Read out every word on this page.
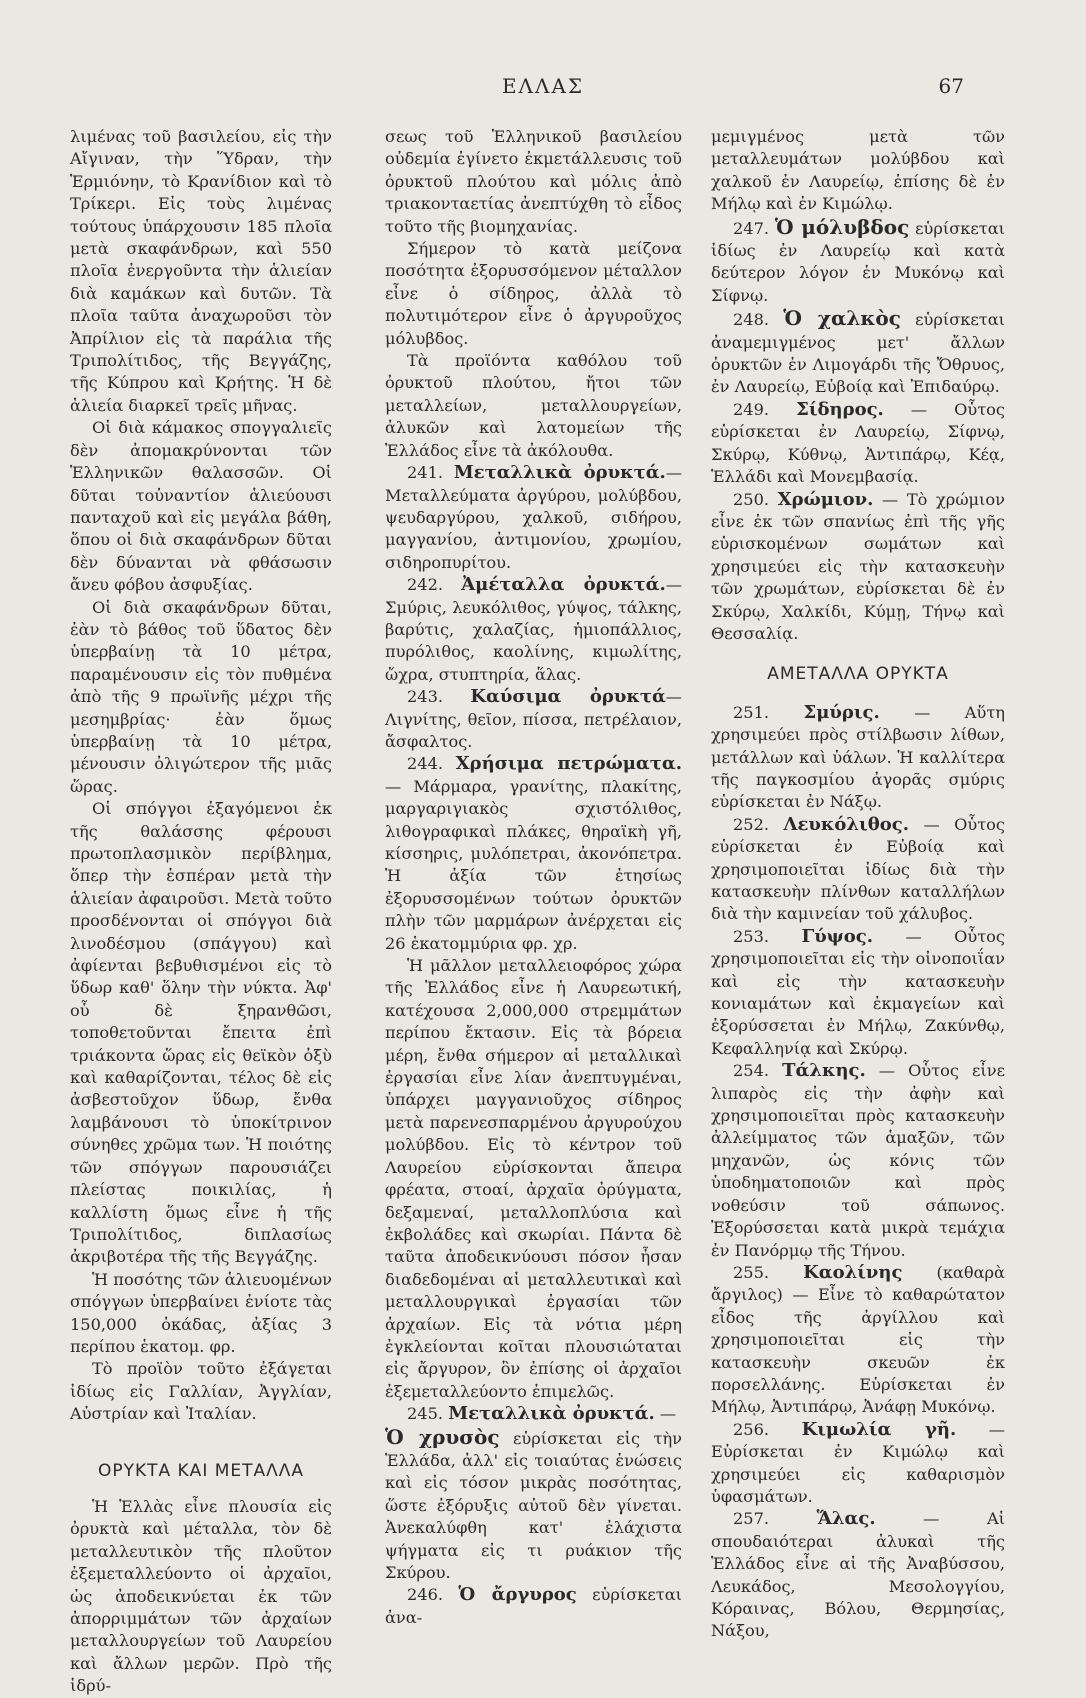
ΕΛΛΑΣ	67

λιμένας τοῦ βασιλείου, εἰς τὴν Αἴγιναν, τὴν Ὕδραν, τὴν Ἑρμιόνην, τὸ Κρανίδιον καὶ τὸ Τρίκερι. Εἰς τοὺς λιμένας τούτους ὑπάρχουσιν 185 πλοῖα μετὰ σκαφάνδρων, καὶ 550 πλοῖα ἐνεργοῦντα τὴν ἁλιείαν διὰ καμάκων καὶ δυτῶν. Τὰ πλοῖα ταῦτα ἀναχωροῦσι τὸν Ἀπρίλιον εἰς τὰ παράλια τῆς Τριπολίτιδος, τῆς Βεγγάζης, τῆς Κύπρου καὶ Κρήτης. Ἡ δὲ ἁλιεία διαρκεῖ τρεῖς μῆνας.

Οἱ διὰ κάμακος σπογγαλιεῖς δὲν ἀπομακρύνονται τῶν Ἑλληνικῶν θαλασσῶν. Οἱ δῦται τοὐναντίον ἁλιεύουσι πανταχοῦ καὶ εἰς μεγάλα βάθη, ὅπου οἱ διὰ σκαφάνδρων δῦται δὲν δύνανται νὰ φθάσωσιν ἄνευ φόβου ἀσφυξίας.

Οἱ διὰ σκαφάνδρων δῦται, ἐὰν τὸ βάθος τοῦ ὕδατος δὲν ὑπερβαίνῃ τὰ 10 μέτρα, παραμένουσιν εἰς τὸν πυθμένα ἀπὸ τῆς 9 πρωϊνῆς μέχρι τῆς μεσημβρίας· ἐὰν ὅμως ὑπερβαίνῃ τὰ 10 μέτρα, μένουσιν ὀλιγώτερον τῆς μιᾶς ὥρας.

Οἱ σπόγγοι ἐξαγόμενοι ἐκ τῆς θαλάσσης φέρουσι πρωτοπλασμικὸν περίβλημα, ὅπερ τὴν ἑσπέραν μετὰ τὴν ἁλιείαν ἀφαιροῦσι. Μετὰ τοῦτο προσδένονται οἱ σπόγγοι διὰ λινοδέσμου (σπάγγου) καὶ ἀφίενται βεβυθισμένοι εἰς τὸ ὕδωρ καθ' ὅλην τὴν νύκτα. Ἀφ' οὗ δὲ ξηρανθῶσι, τοποθετοῦνται ἔπειτα ἐπὶ τριάκοντα ὥρας εἰς θεϊκὸν ὀξὺ καὶ καθαρίζονται, τέλος δὲ εἰς ἀσβεστοῦχον ὕδωρ, ἔνθα λαμβάνουσι τὸ ὑποκίτρινον σύνηθες χρῶμα των. Ἡ ποιότης τῶν σπόγγων παρουσιάζει πλείστας ποικιλίας, ἡ καλλίστη ὅμως εἶνε ἡ τῆς Τριπολίτιδος, διπλασίως ἀκριβοτέρα τῆς τῆς Βεγγάζης.

Ἡ ποσότης τῶν ἁλιευομένων σπόγγων ὑπερβαίνει ἐνίοτε τὰς 150,000 ὀκάδας, ἀξίας 3 περίπου ἑκατομ. φρ.

Τὸ προϊὸν τοῦτο ἐξάγεται ἰδίως εἰς Γαλλίαν, Ἀγγλίαν, Αὐστρίαν καὶ Ἰταλίαν.

ΟΡΥΚΤΑ ΚΑΙ ΜΕΤΑΛΛΑ

Ἡ Ἑλλὰς εἶνε πλουσία εἰς ὀρυκτὰ καὶ μέταλλα, τὸν δὲ μεταλλευτικὸν τῆς πλοῦτον ἐξεμεταλλεύοντο οἱ ἀρχαῖοι, ὡς ἀποδεικνύεται ἐκ τῶν ἀπορριμμάτων τῶν ἀρχαίων μεταλλουργείων τοῦ Λαυρείου καὶ ἄλλων μερῶν. Πρὸ τῆς ἱδρύ-

σεως τοῦ Ἑλληνικοῦ βασιλείου οὐδεμία ἐγίνετο ἐκμετάλλευσις τοῦ ὀρυκτοῦ πλούτου καὶ μόλις ἀπὸ τριακονταετίας ἀνεπτύχθη τὸ εἶδος τοῦτο τῆς βιομηχανίας.

Σήμερον τὸ κατὰ μείζονα ποσότητα ἐξορυσσόμενον μέταλλον εἶνε ὁ σίδηρος, ἀλλὰ τὸ πολυτιμότερον εἶνε ὁ ἀργυροῦχος μόλυβδος.

Τὰ προϊόντα καθόλου τοῦ ὀρυκτοῦ πλούτου, ἤτοι τῶν μεταλλείων, μεταλλουργείων, ἀλυκῶν καὶ λατομείων τῆς Ἑλλάδος εἶνε τὰ ἀκόλουθα.

241. Μεταλλικὰ ὀρυκτά.— Μεταλλεύματα ἀργύρου, μολύβδου, ψευδαργύρου, χαλκοῦ, σιδήρου, μαγγανίου, ἀντιμονίου, χρωμίου, σιδηροπυρίτου.

242. Ἀμέταλλα ὀρυκτά.— Σμύρις, λευκόλιθος, γύψος, τάλκης, βαρύτις, χαλαζίας, ἡμιοπάλλιος, πυρόλιθος, καολίνης, κιμωλίτης, ὤχρα, στυπτηρία, ἅλας.

243. Καύσιμα ὀρυκτά— Λιγνίτης, θεῖον, πίσσα, πετρέλαιον, ἄσφαλτος.

244. Χρήσιμα πετρώματα.— Μάρμαρα, γρανίτης, πλακίτης, μαργαριγιακὸς σχιστόλιθος, λιθογραφικαὶ πλάκες, θηραϊκὴ γῆ, κίσσηρις, μυλόπετραι, ἀκονόπετρα. Ἡ ἀξία τῶν ἐτησίως ἐξορυσσομένων τούτων ὀρυκτῶν πλὴν τῶν μαρμάρων ἀνέρχεται εἰς 26 ἑκατομμύρια φρ. χρ.

Ἡ μᾶλλον μεταλλειοφόρος χώρα τῆς Ἑλλάδος εἶνε ἡ Λαυρεωτική, κατέχουσα 2,000,000 στρεμμάτων περίπου ἔκτασιν. Εἰς τὰ βόρεια μέρη, ἔνθα σήμερον αἱ μεταλλικαὶ ἐργασίαι εἶνε λίαν ἀνεπτυγμέναι, ὑπάρχει μαγγανιοῦχος σίδηρος μετὰ παρενεσπαρμένου ἀργυρούχου μολύβδου. Εἰς τὸ κέντρον τοῦ Λαυρείου εὑρίσκονται ἄπειρα φρέατα, στοαί, ἀρχαῖα ὀρύγματα, δεξαμεναί, μεταλλοπλύσια καὶ ἐκβολάδες καὶ σκωρίαι. Πάντα δὲ ταῦτα ἀποδεικνύουσι πόσον ἦσαν διαδεδομέναι αἱ μεταλλευτικαὶ καὶ μεταλλουργικαὶ ἐργασίαι τῶν ἀρχαίων. Εἰς τὰ νότια μέρη ἐγκλείονται κοῖται πλουσιώταται εἰς ἄργυρον, ὃν ἐπίσης οἱ ἀρχαῖοι ἐξεμεταλλεύοντο ἐπιμελῶς.

245. Μεταλλικὰ ὀρυκτά. —

Ὁ χρυσὸς εὑρίσκεται εἰς τὴν Ἑλλάδα, ἀλλ' εἰς τοιαύτας ἑνώσεις καὶ εἰς τόσον μικρὰς ποσότητας, ὥστε ἐξόρυξις αὐτοῦ δὲν γίνεται. Ἀνεκαλύφθη κατ' ἐλάχιστα ψήγματα εἰς τι ρυάκιον τῆς Σκύρου.

246. Ὁ ἄργυρος εὑρίσκεται ἀνα-

μεμιγμένος μετὰ τῶν μεταλλευμάτων μολύβδου καὶ χαλκοῦ ἐν Λαυρείῳ, ἐπίσης δὲ ἐν Μήλῳ καὶ ἐν Κιμώλῳ.

247. Ὁ μόλυβδος εὑρίσκεται ἰδίως ἐν Λαυρείῳ καὶ κατὰ δεύτερον λόγον ἐν Μυκόνῳ καὶ Σίφνῳ.

248. Ὁ χαλκὸς εὑρίσκεται ἀναμεμιγμένος μετ' ἄλλων ὀρυκτῶν ἐν Λιμογάρδι τῆς Ὄθρυος, ἐν Λαυρείῳ, Εὐβοίᾳ καὶ Ἐπιδαύρῳ.

249. Σίδηρος. — Οὗτος εὑρίσκεται ἐν Λαυρείῳ, Σίφνῳ, Σκύρῳ, Κύθνῳ, Ἀντιπάρῳ, Κέᾳ, Ἑλλάδι καὶ Μονεμβασίᾳ.

250. Χρώμιον. — Τὸ χρώμιον εἶνε ἐκ τῶν σπανίως ἐπὶ τῆς γῆς εὑρισκομένων σωμάτων καὶ χρησιμεύει εἰς τὴν κατασκευὴν τῶν χρωμάτων, εὑρίσκεται δὲ ἐν Σκύρῳ, Χαλκίδι, Κύμῃ, Τήνῳ καὶ Θεσσαλίᾳ.

ΑΜΕΤΑΛΛΑ ΟΡΥΚΤΑ

251. Σμύρις. — Αὕτη χρησιμεύει πρὸς στίλβωσιν λίθων, μετάλλων καὶ ὑάλων. Ἡ καλλίτερα τῆς παγκοσμίου ἀγορᾶς σμύρις εὑρίσκεται ἐν Νάξῳ.

252. Λευκόλιθος. — Οὗτος εὑρίσκεται ἐν Εὐβοίᾳ καὶ χρησιμοποιεῖται ἰδίως διὰ τὴν κατασκευὴν πλίνθων καταλλήλων διὰ τὴν καμινείαν τοῦ χάλυβος.

253. Γύψος. — Οὗτος χρησιμοποιεῖται εἰς τὴν οἰνοποιΐαν καὶ εἰς τὴν κατασκευὴν κονιαμάτων καὶ ἐκμαγείων καὶ ἐξορύσσεται ἐν Μήλῳ, Ζακύνθῳ, Κεφαλληνίᾳ καὶ Σκύρῳ.

254. Τάλκης. — Οὗτος εἶνε λιπαρὸς εἰς τὴν ἀφὴν καὶ χρησιμοποιεῖται πρὸς κατασκευὴν ἀλλείμματος τῶν ἁμαξῶν, τῶν μηχανῶν, ὡς κόνις τῶν ὑποδηματοποιῶν καὶ πρὸς νοθεύσιν τοῦ σάπωνος. Ἐξορύσσεται κατὰ μικρὰ τεμάχια ἐν Πανόρμῳ τῆς Τήνου.

255. Καολίνης (καθαρὰ ἄργιλος) — Εἶνε τὸ καθαρώτατον εἶδος τῆς ἀργίλλου καὶ χρησιμοποιεῖται εἰς τὴν κατασκευὴν σκευῶν ἐκ πορσελλάνης. Εὑρίσκεται ἐν Μήλῳ, Ἀντιπάρῳ, Ἀνάφῃ Μυκόνῳ.

256. Κιμωλία γῆ. — Εὑρίσκεται ἐν Κιμώλῳ καὶ χρησιμεύει εἰς καθαρισμὸν ὑφασμάτων.

257.	Ἅλας. — Αἱ σπουδαιότεραι ἁλυκαὶ τῆς Ἑλλάδος εἶνε αἱ τῆς Ἀναβύσσου, Λευκάδος, Μεσολογγίου, Κόραινας, Βόλου, Θερμησίας, Νάξου,
